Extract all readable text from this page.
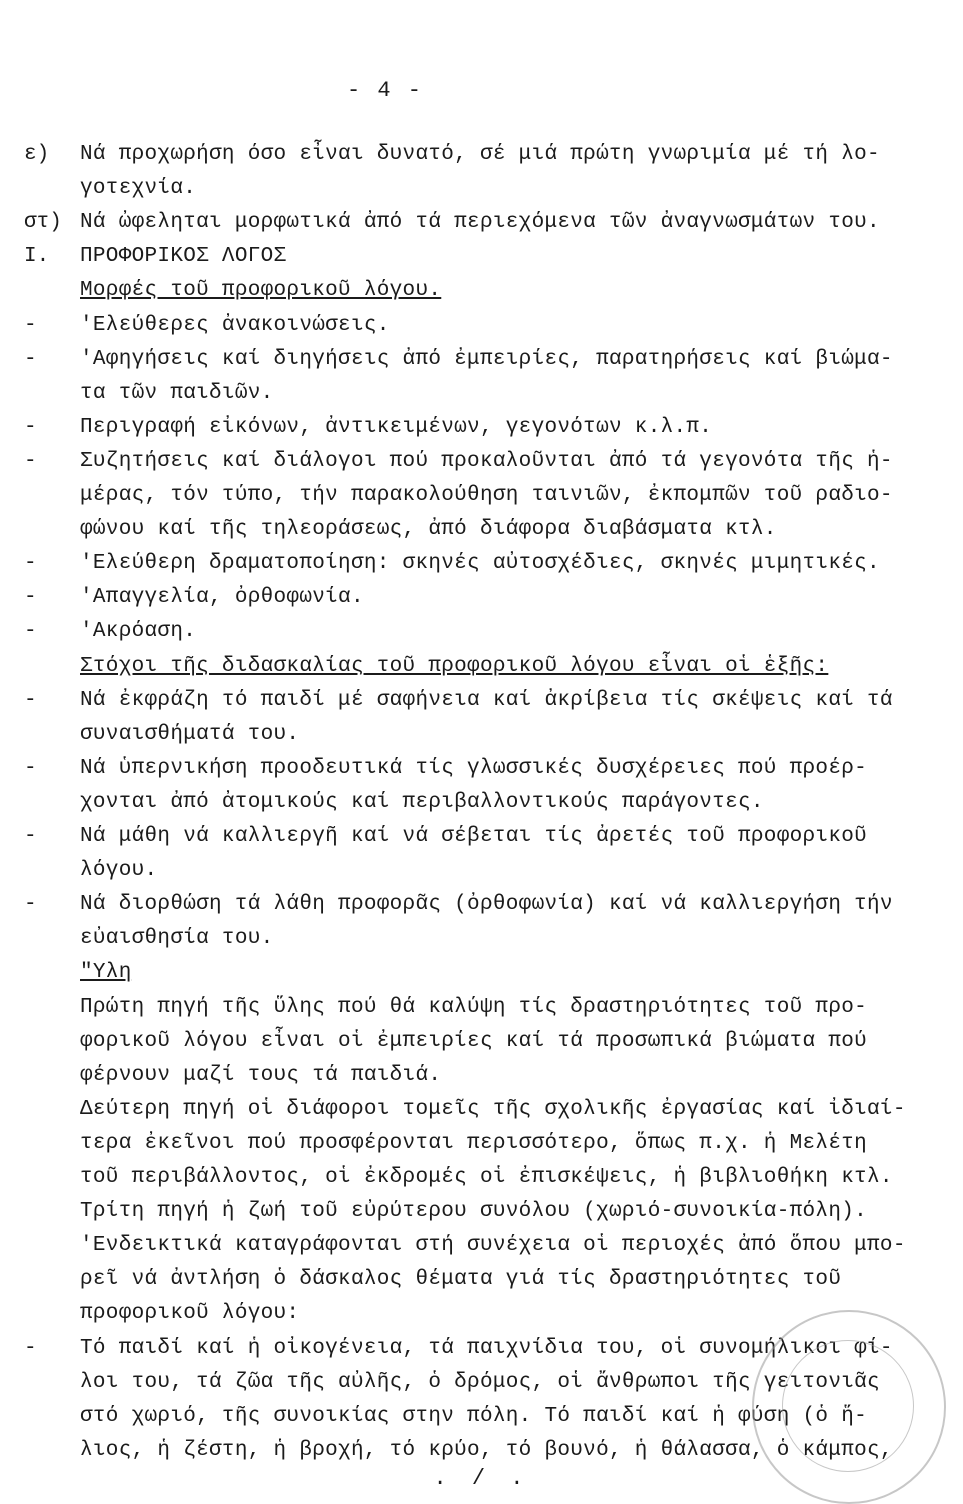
- 4 -
ε) Νά προχωρήση όσο εἶναι δυνατό, σέ μιά πρώτη γνωριμία μέ τή λο-
γοτεχνία.
στ) Νά ὠφεληται μορφωτικά ἀπό τά περιεχόμενα τῶν ἀναγνωσμάτων του.
I. ΠΡΟΦΟΡΙΚΟΣ ΛΟΓΟΣ
Μορφές τοῦ προφορικοῦ λόγου.
- 'Ελεύθερες ἀνακοινώσεις.
- 'Αφηγήσεις καί διηγήσεις ἀπό ἐμπειρίες, παρατηρήσεις καί βιώμα-
τα τῶν παιδιῶν.
- Περιγραφή εἰκόνων, ἀντικειμένων, γεγονότων κ.λ.π.
- Συζητήσεις καί διάλογοι πού προκαλοῦνται ἀπό τά γεγονότα τῆς ἡ-
μέρας, τόν τύπο, τήν παρακολούθηση ταινιῶν, ἐκπομπῶν τοῦ ραδιο-
φώνου καί τῆς τηλεοράσεως, ἀπό διάφορα διαβάσματα κτλ.
- 'Ελεύθερη δραματοποίηση: σκηνές αὐτοσχέδιες, σκηνές μιμητικές.
- 'Απαγγελία, ὀρθοφωνία.
- 'Ακρόαση.
Στόχοι τῆς διδασκαλίας τοῦ προφορικοῦ λόγου εἶναι οἱ ἑξῆς:
- Νά ἐκφράζη τό παιδί μέ σαφήνεια καί ἀκρίβεια τίς σκέψεις καί τά
συναισθήματά του.
- Νά ὑπερνικήση προοδευτικά τίς γλωσσικές δυσχέρειες πού προέρ-
χονται ἀπό ἀτομικούς καί περιβαλλοντικούς παράγοντες.
- Νά μάθη νά καλλιεργῆ καί νά σέβεται τίς ἀρετές τοῦ προφορικοῦ
λόγου.
- Νά διορθώση τά λάθη προφορᾶς (ὀρθοφωνία) καί νά καλλιεργήση τήν
εὐαισθησία του.
"Υλη
Πρώτη πηγή τῆς ὕλης πού θά καλύψη τίς δραστηριότητες τοῦ προ-
φορικοῦ λόγου εἶναι οἱ ἐμπειρίες καί τά προσωπικά βιώματα πού
φέρνουν μαζί τους τά παιδιά.
Δεύτερη πηγή οἱ διάφοροι τομεῖς τῆς σχολικῆς ἐργασίας καί ἰδιαί-
τερα ἐκεῖνοι πού προσφέρονται περισσότερο, ὅπως π.χ. ἡ Μελέτη
τοῦ περιβάλλοντος, οἱ ἐκδρομές οἱ ἐπισκέψεις, ἡ βιβλιοθήκη κτλ.
Τρίτη πηγή ἡ ζωή τοῦ εὐρύτερου συνόλου (χωριό-συνοικία-πόλη).
'Ενδεικτικά καταγράφονται στή συνέχεια οἱ περιοχές ἀπό ὅπου μπο-
ρεῖ νά ἀντλήση ὁ δάσκαλος θέματα γιά τίς δραστηριότητες τοῦ
προφορικοῦ λόγου:
- Τό παιδί καί ἡ οἰκογένεια, τά παιχνίδια του, οἱ συνομήλικοι φί-
λοι του, τά ζῶα τῆς αὐλῆς, ὁ δρόμος, οἱ ἄνθρωποι τῆς γειτονιᾶς
στό χωριό, τῆς συνοικίας στην πόλη. Τό παιδί καί ἡ φύση (ὁ ἥ-
λιος, ἡ ζέστη, ἡ βροχή, τό κρύο, τό βουνό, ἡ θάλασσα, ὁ κάμπος,
. / .
